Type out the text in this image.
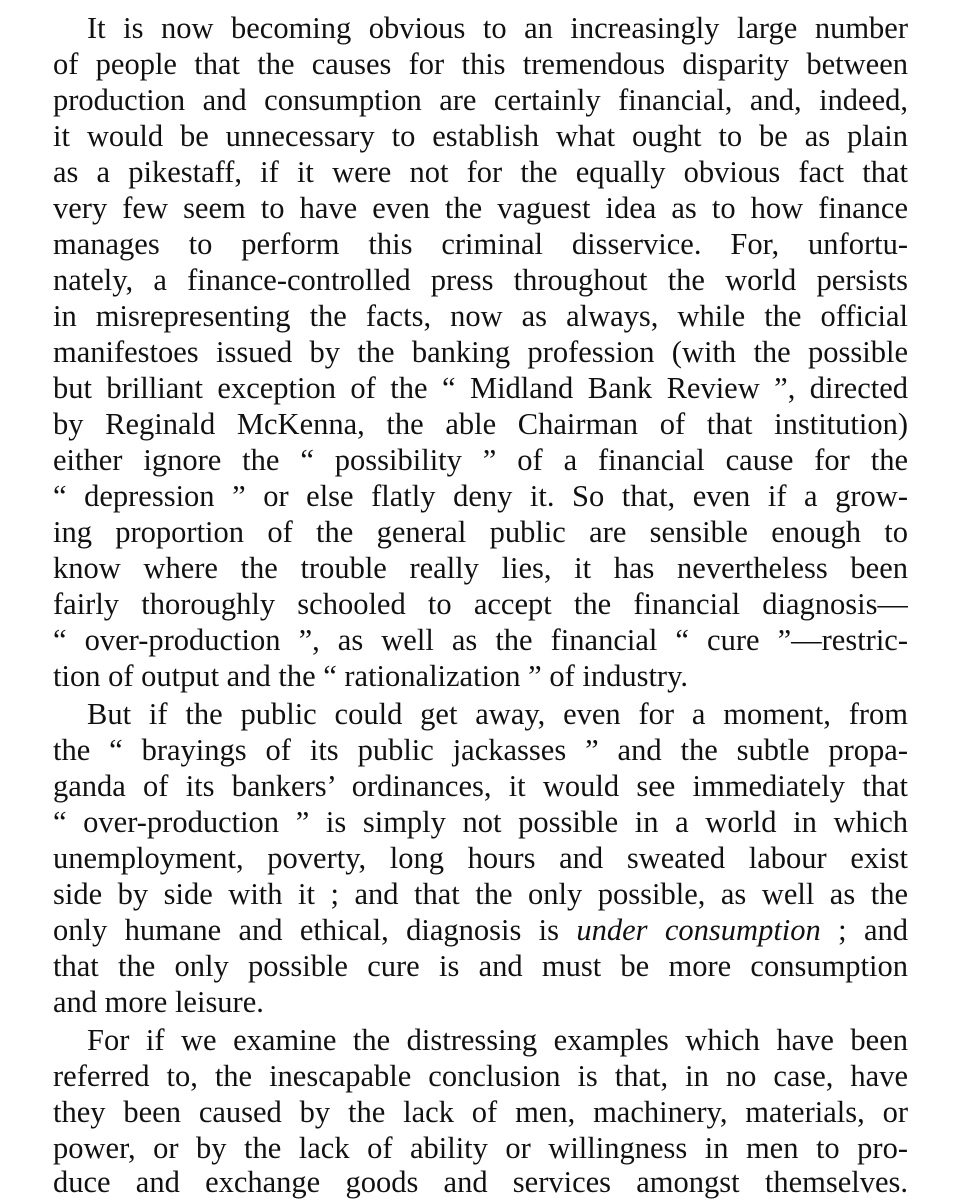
It is now becoming obvious to an increasingly large number
of people that the causes for this tremendous disparity between
production and consumption are certainly financial, and, indeed,
it would be unnecessary to establish what ought to be as plain
as a pikestaff, if it were not for the equally obvious fact that
very few seem to have even the vaguest idea as to how finance
manages to perform this criminal disservice. For, unfortu-
nately, a finance-controlled press throughout the world persists
in misrepresenting the facts, now as always, while the official
manifestoes issued by the banking profession (with the possible
but brilliant exception of the “ Midland Bank Review ”, directed
by Reginald McKenna, the able Chairman of that institution)
either ignore the “ possibility ” of a financial cause for the
“ depression ” or else flatly deny it. So that, even if a grow-
ing proportion of the general public are sensible enough to
know where the trouble really lies, it has nevertheless been
fairly thoroughly schooled to accept the financial diagnosis—
“ over-production ”, as well as the financial “ cure ”—restric-
tion of output and the “ rationalization ” of industry.
But if the public could get away, even for a moment, from
the “ brayings of its public jackasses ” and the subtle propa-
ganda of its bankers’ ordinances, it would see immediately that
“ over-production ” is simply not possible in a world in which
unemployment, poverty, long hours and sweated labour exist
side by side with it ; and that the only possible, as well as the
only humane and ethical, diagnosis is under consumption ; and
that the only possible cure is and must be more consumption
and more leisure.
For if we examine the distressing examples which have been
referred to, the inescapable conclusion is that, in no case, have
they been caused by the lack of men, machinery, materials, or
power, or by the lack of ability or willingness in men to pro-
duce and exchange goods and services amongst themselves.
